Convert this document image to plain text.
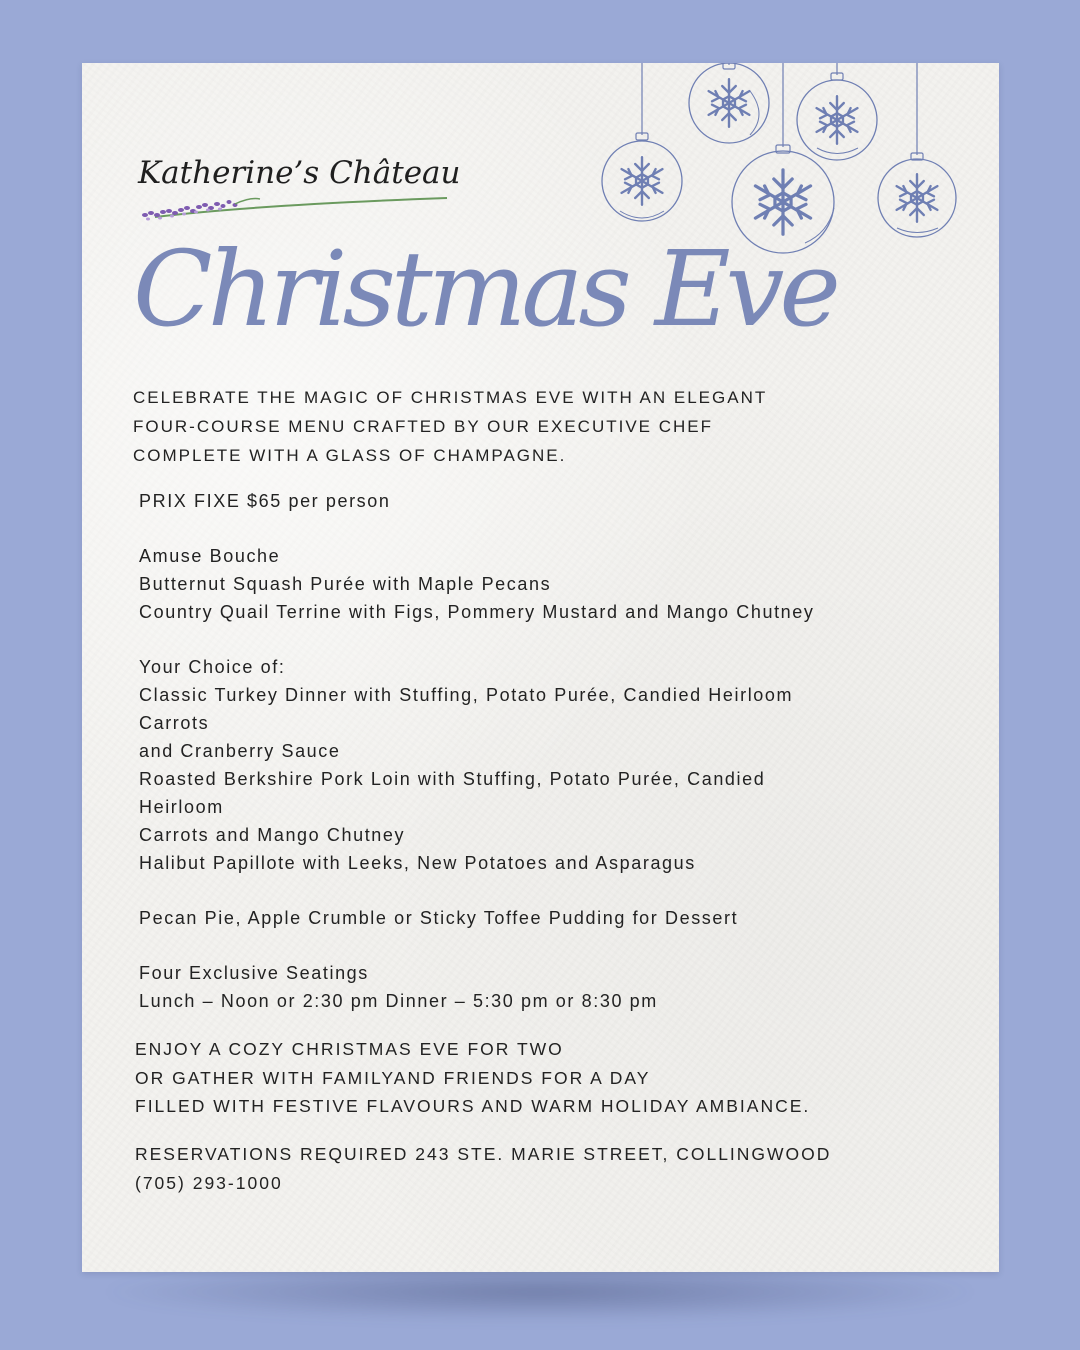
Katherine’s Château
Christmas Eve
CELEBRATE THE MAGIC OF CHRISTMAS EVE WITH AN ELEGANT
FOUR-COURSE MENU CRAFTED BY OUR EXECUTIVE CHEF
COMPLETE WITH A GLASS OF CHAMPAGNE.
PRIX FIXE $65 per person
Amuse Bouche
Butternut Squash Purée with Maple Pecans
Country Quail Terrine with Figs, Pommery Mustard and Mango Chutney
Your Choice of:
Classic Turkey Dinner with Stuffing, Potato Purée, Candied Heirloom
Carrots
and Cranberry Sauce
Roasted Berkshire Pork Loin with Stuffing, Potato Purée, Candied
Heirloom
Carrots and Mango Chutney
Halibut Papillote with Leeks, New Potatoes and Asparagus
Pecan Pie, Apple Crumble or Sticky Toffee Pudding for Dessert
Four Exclusive Seatings
Lunch – Noon or 2:30 pm Dinner – 5:30 pm or 8:30 pm
ENJOY A COZY CHRISTMAS EVE FOR TWO
OR GATHER WITH FAMILYAND FRIENDS FOR A DAY
FILLED WITH FESTIVE FLAVOURS AND WARM HOLIDAY AMBIANCE.
RESERVATIONS REQUIRED 243 STE. MARIE STREET, COLLINGWOOD
(705) 293-1000
